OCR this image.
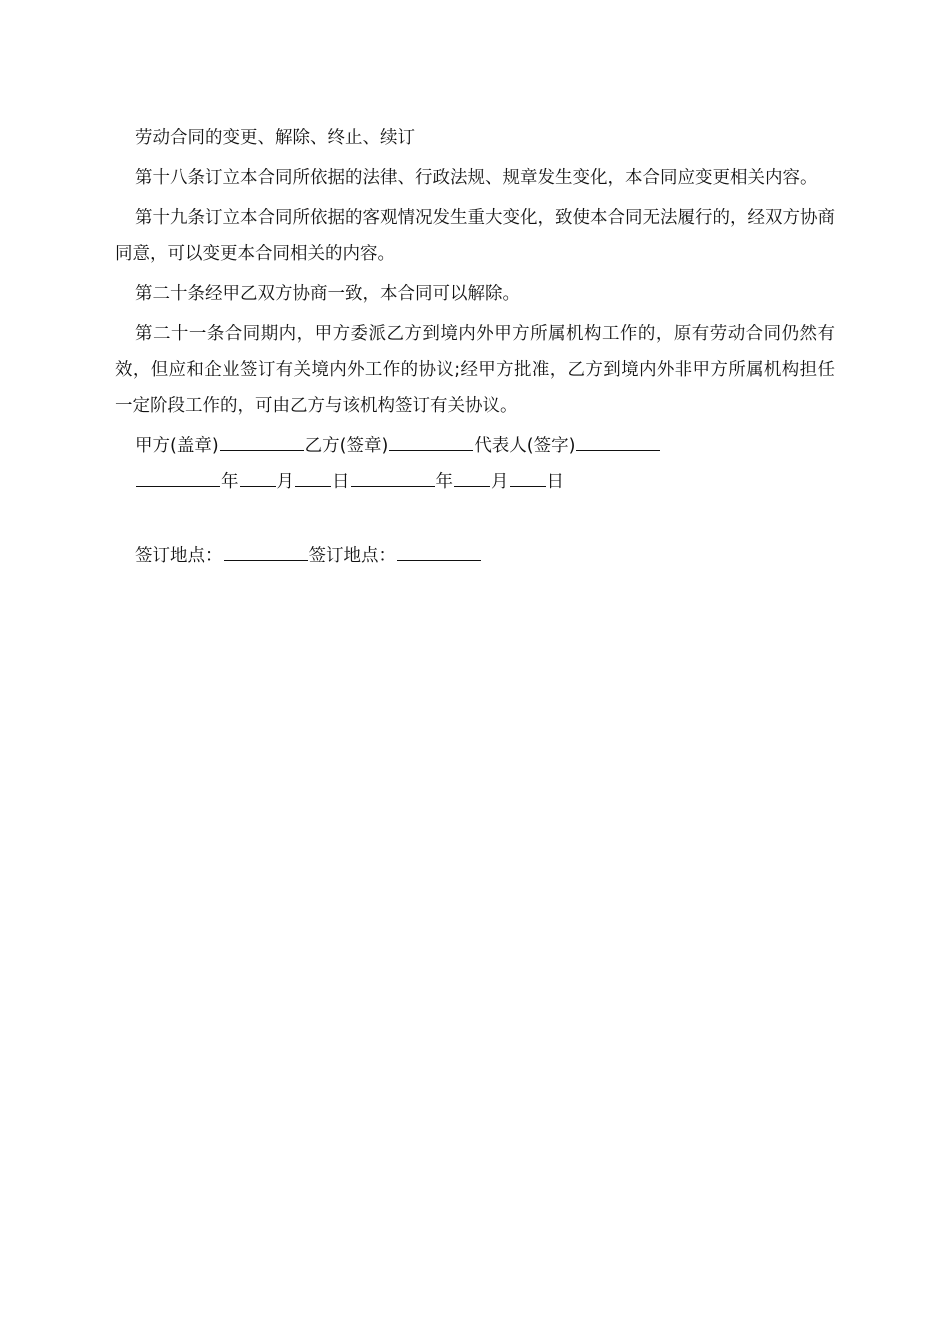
劳动合同的变更、解除、终止、续订

第十八条订立本合同所依据的法律、行政法规、规章发生变化，本合同应变更相关内容。

第十九条订立本合同所依据的客观情况发生重大变化，致使本合同无法履行的，经双方协商同意，可以变更本合同相关的内容。

第二十条经甲乙双方协商一致，本合同可以解除。

第二十一条合同期内，甲方委派乙方到境内外甲方所属机构工作的，原有劳动合同仍然有效，但应和企业签订有关境内外工作的协议;经甲方批准，乙方到境内外非甲方所属机构担任一定阶段工作的，可由乙方与该机构签订有关协议。

甲方(盖章)	乙方(签章)	代表人(签字)
年 月 日	年 月 日
签订地点：	签订地点：
